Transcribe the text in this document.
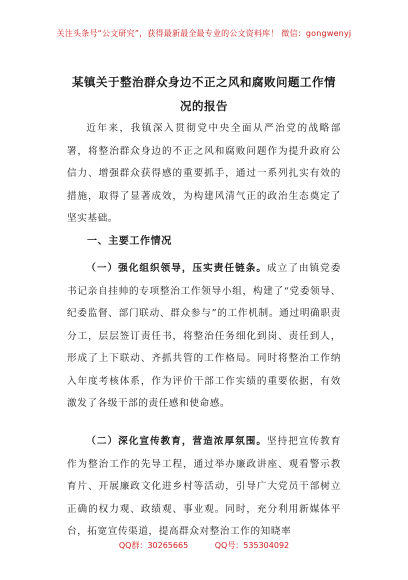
关注头条号“公文研究”，获得最新最全最专业的公文资料库！ 微信：gongwenyj
某镇关于整治群众身边不正之风和腐败问题工作情况的报告

近年来，我镇深入贯彻党中央全面从严治党的战略部署，将整治群众身边的不正之风和腐败问题作为提升政府公信力、增强群众获得感的重要抓手，通过一系列扎实有效的措施，取得了显著成效，为构建风清气正的政治生态奠定了坚实基础。

一、主要工作情况

（一）强化组织领导，压实责任链条。成立了由镇党委书记亲自挂帅的专项整治工作领导小组，构建了“党委领导、纪委监督、部门联动、群众参与”的工作机制。通过明确职责分工，层层签订责任书，将整治任务细化到岗、责任到人，形成了上下联动、齐抓共管的工作格局。同时将整治工作纳入年度考核体系，作为评价干部工作实绩的重要依据，有效激发了各级干部的责任感和使命感。

（二）深化宣传教育，营造浓厚氛围。坚持把宣传教育作为整治工作的先导工程，通过举办廉政讲座、观看警示教育片、开展廉政文化进乡村等活动，引导广大党员干部树立正确的权力观、政绩观、事业观。同时，充分利用新媒体平台，拓宽宣传渠道，提高群众对整治工作的知晓率

QQ群：30265665	QQ号：535304092
